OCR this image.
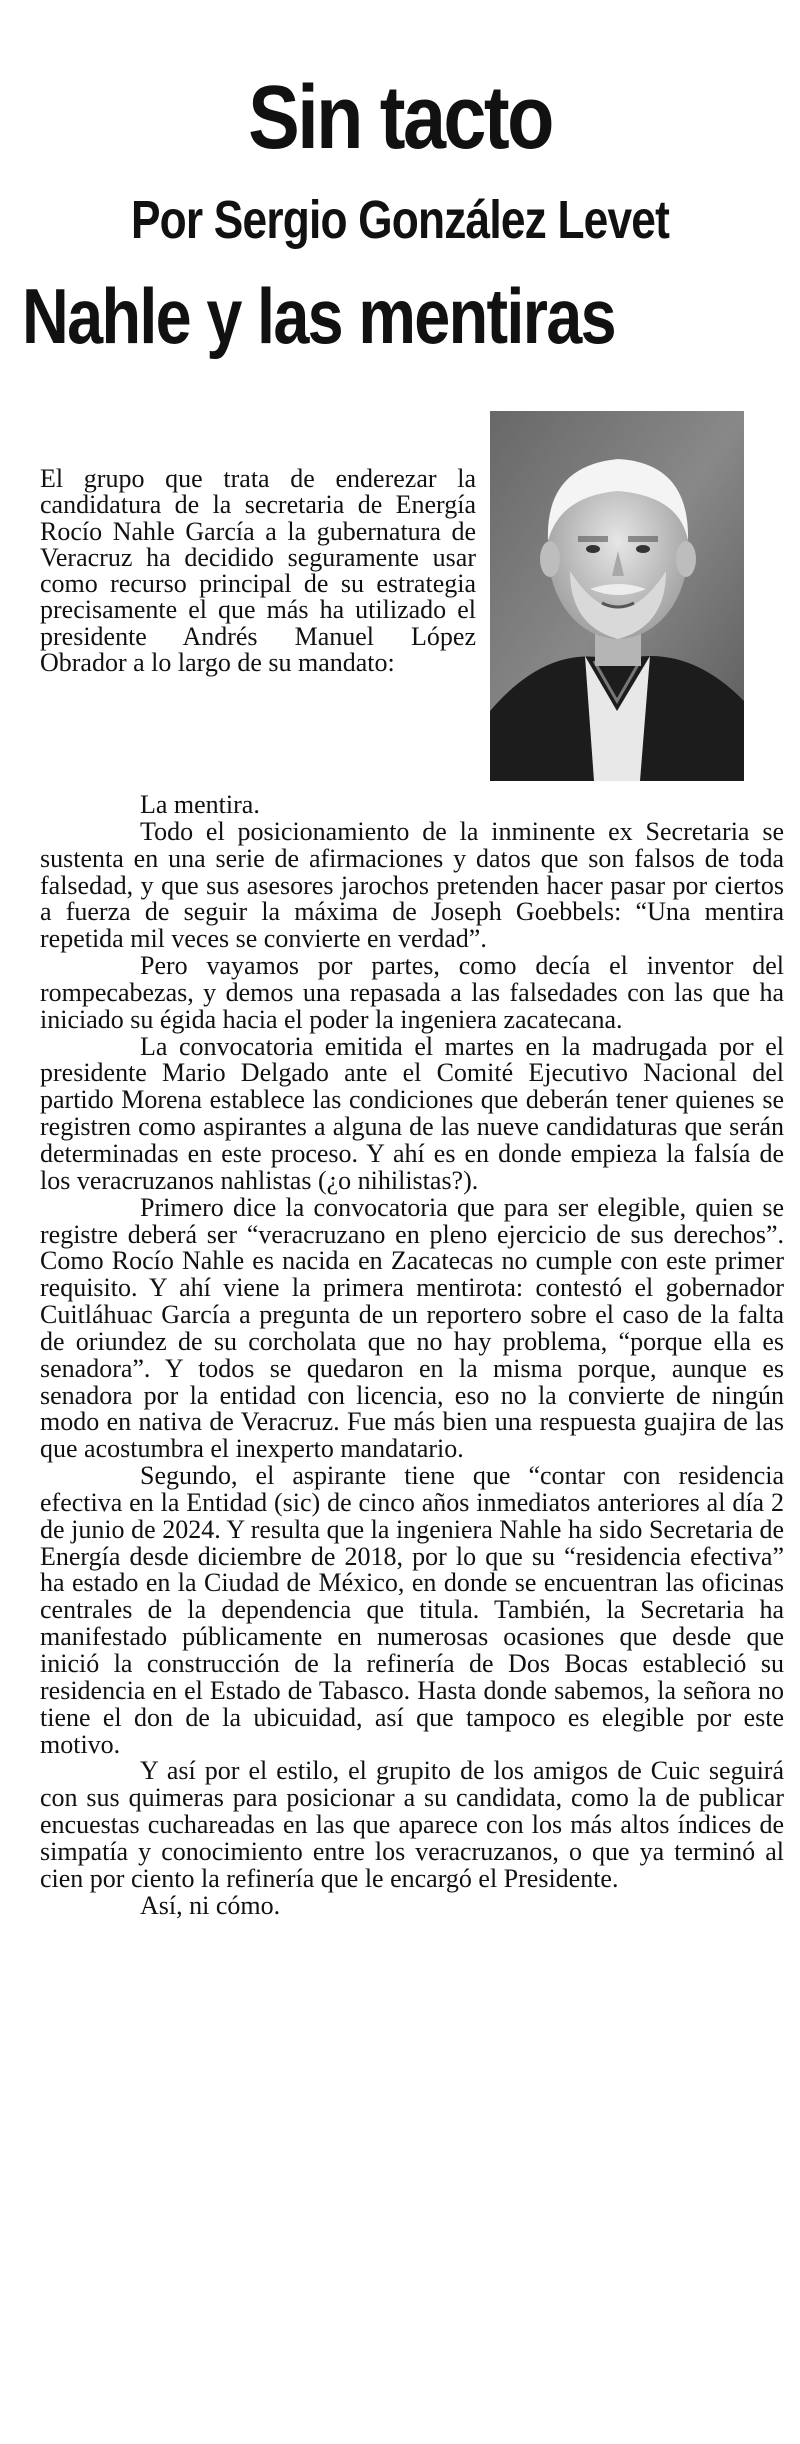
Sin tacto
Por Sergio González Levet
Nahle y las mentiras

El grupo que trata de enderezar la candidatura de la secretaria de Energía Rocío Nahle García a la gubernatura de Veracruz ha decidido seguramente usar como recurso principal de su estrategia precisamente el que más ha utilizado el presidente Andrés Manuel López Obrador a lo largo de su mandato:

La mentira.

Todo el posicionamiento de la inminente ex Secretaria se sustenta en una serie de afirmaciones y datos que son falsos de toda falsedad, y que sus asesores jarochos pretenden hacer pasar por ciertos a fuerza de seguir la máxima de Joseph Goebbels: “Una mentira repetida mil veces se convierte en verdad”.

Pero vayamos por partes, como decía el inventor del rompecabezas, y demos una repasada a las falsedades con las que ha iniciado su égida hacia el poder la ingeniera zacatecana.

La convocatoria emitida el martes en la madrugada por el presidente Mario Delgado ante el Comité Ejecutivo Nacional del partido Morena establece las condiciones que deberán tener quienes se registren como aspirantes a alguna de las nueve candidaturas que serán determinadas en este proceso. Y ahí es en donde empieza la falsía de los veracruzanos nahlistas (¿o nihilistas?).

Primero dice la convocatoria que para ser elegible, quien se registre deberá ser “veracruzano en pleno ejercicio de sus derechos”. Como Rocío Nahle es nacida en Zacatecas no cumple con este primer requisito. Y ahí viene la primera mentirota: contestó el gobernador Cuitláhuac García a pregunta de un reportero sobre el caso de la falta de oriundez de su corcholata que no hay problema, “porque ella es senadora”. Y todos se quedaron en la misma porque, aunque es senadora por la entidad con licencia, eso no la convierte de ningún modo en nativa de Veracruz. Fue más bien una respuesta guajira de las que acostumbra el inexperto mandatario.

Segundo, el aspirante tiene que “contar con residencia efectiva en la Entidad (sic) de cinco años inmediatos anteriores al día 2 de junio de 2024. Y resulta que la ingeniera Nahle ha sido Secretaria de Energía desde diciembre de 2018, por lo que su “residencia efectiva” ha estado en la Ciudad de México, en donde se encuentran las oficinas centrales de la dependencia que titula. También, la Secretaria ha manifestado públicamente en numerosas ocasiones que desde que inició la construcción de la refinería de Dos Bocas estableció su residencia en el Estado de Tabasco. Hasta donde sabemos, la señora no tiene el don de la ubicuidad, así que tampoco es elegible por este motivo.

Y así por el estilo, el grupito de los amigos de Cuic seguirá con sus quimeras para posicionar a su candidata, como la de publicar encuestas cuchareadas en las que aparece con los más altos índices de simpatía y conocimiento entre los veracruzanos, o que ya terminó al cien por ciento la refinería que le encargó el Presidente.

Así, ni cómo.
